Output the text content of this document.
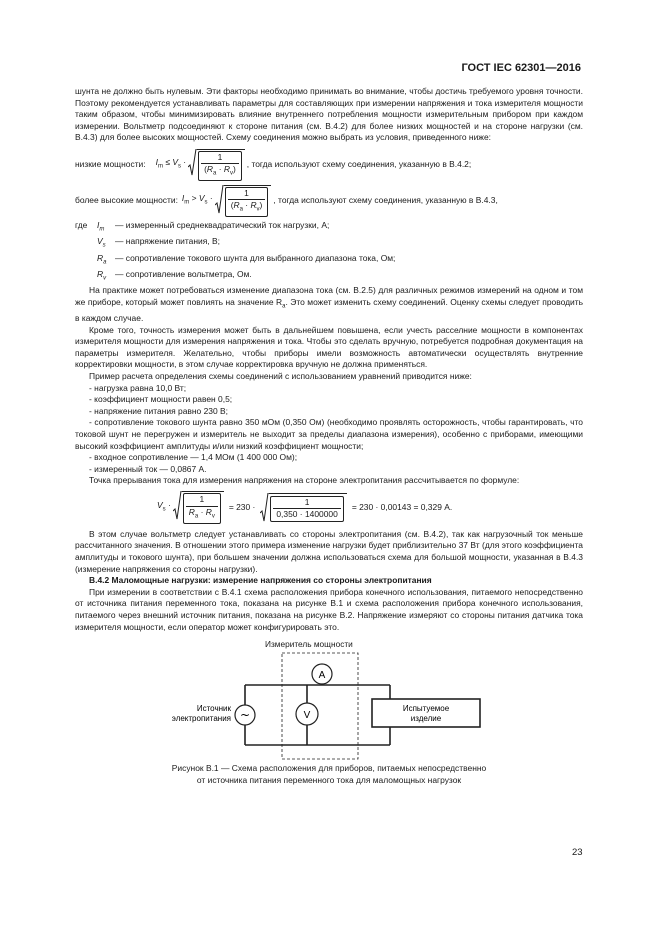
ГОСТ IEC 62301—2016

шунта не должно быть нулевым. Эти факторы необходимо принимать во внимание, чтобы достичь требуемого уровня точности. Поэтому рекомендуется устанавливать параметры для составляющих при измерении напряжения и тока измерителя мощности таким образом, чтобы минимизировать влияние внутреннего потребления мощности измерительным прибором при каждом измерении. Вольтметр подсоединяют к стороне питания (см. В.4.2) для более низких мощностей и на стороне нагрузки (см. В.4.3) для более высоких мощностей. Схему соединения можно выбрать из условия, приведенного ниже:

низкие мощности: $I_m \le V_s \cdot \frac{1}{(R_a \cdot R_v)}$ , тогда используют схему соединения, указанную в В.4.2;
более высокие мощности: $I_m > V_s \cdot \frac{1}{(R_a \cdot R_v)}$ , тогда используют схему соединения, указанную в В.4.3,
где	$I_m$	— измеренный среднеквадратический ток нагрузки, А;
$V_s$	— напряжение питания, В;
$R_a$	— сопротивление токового шунта для выбранного диапазона тока, Ом;
$R_v$	— сопротивление вольтметра, Ом.

На практике может потребоваться изменение диапазона тока (см. В.2.5) для различных режимов измерений на одном и том же приборе, который может повлиять на значение $R_a$. Это может изменить схему соединений. Оценку схемы следует проводить в каждом случае.

Кроме того, точность измерения может быть в дальнейшем повышена, если учесть расселние мощности в компонентах измерителя мощности для измерения напряжения и тока. Чтобы это сделать вручную, потребуется подробная документация на параметры измерителя. Желательно, чтобы приборы имели возможность автоматически осуществлять внутренние корректировки мощности, в этом случае корректировка вручную не должна применяться.

Пример расчета определения схемы соединений с использованием уравнений приводится ниже:

- нагрузка равна 10,0 Вт;

- коэффициент мощности равен 0,5;

- напряжение питания равно 230 В;

- сопротивление токового шунта равно 350 мОм (0,350 Ом) (необходимо проявлять осторожность, чтобы гарантировать, что токовой шунт не перегружен и измеритель не выходит за пределы диапазона измерения), особенно с приборами, имеющими высокий коэффициент амплитуды и/или низкий коэффициент мощности;

- входное сопротивление — 1,4 МОм (1 400 000 Ом);

- измеренный ток — 0,0867 А.

Точка прерывания тока для измерения напряжения на стороне электропитания рассчитывается по формуле:

$V_s \cdot \frac{1}{R_a \cdot R_v} = 230 \cdot \frac{1}{0,350 \cdot 1400000} = 230 \cdot 0,00143 = 0,329$ А.

В этом случае вольтметр следует устанавливать со стороны электропитания (см. В.4.2), так как нагрузочный ток меньше рассчитанного значения. В отношении этого примера изменение нагрузки будет приблизительно 37 Вт (для этого коэффициента амплитуды и токового шунта), при большем значении должна использоваться схема для большой мощности, указанная в В.4.3 (измерение напряжения со стороны нагрузки).

В.4.2 Маломощные нагрузки: измерение напряжения со стороны электропитания

При измерении в соответствии с В.4.1 схема расположения прибора конечного использования, питаемого непосредственно от источника питания переменного тока, показана на рисунке В.1 и схема расположения прибора конечного использования, питаемого через внешний источник питания, показана на рисунке В.2. Напряжение измеряют со стороны питания датчика тока измерителя мощности, если оператор может конфигурировать это.

Измеритель мощности
~
А
V
Испытуемое
изделие
Источник
электропитания
Рисунок В.1 — Схема расположения для приборов, питаемых непосредственно
от источника питания переменного тока для маломощных нагрузок
23
